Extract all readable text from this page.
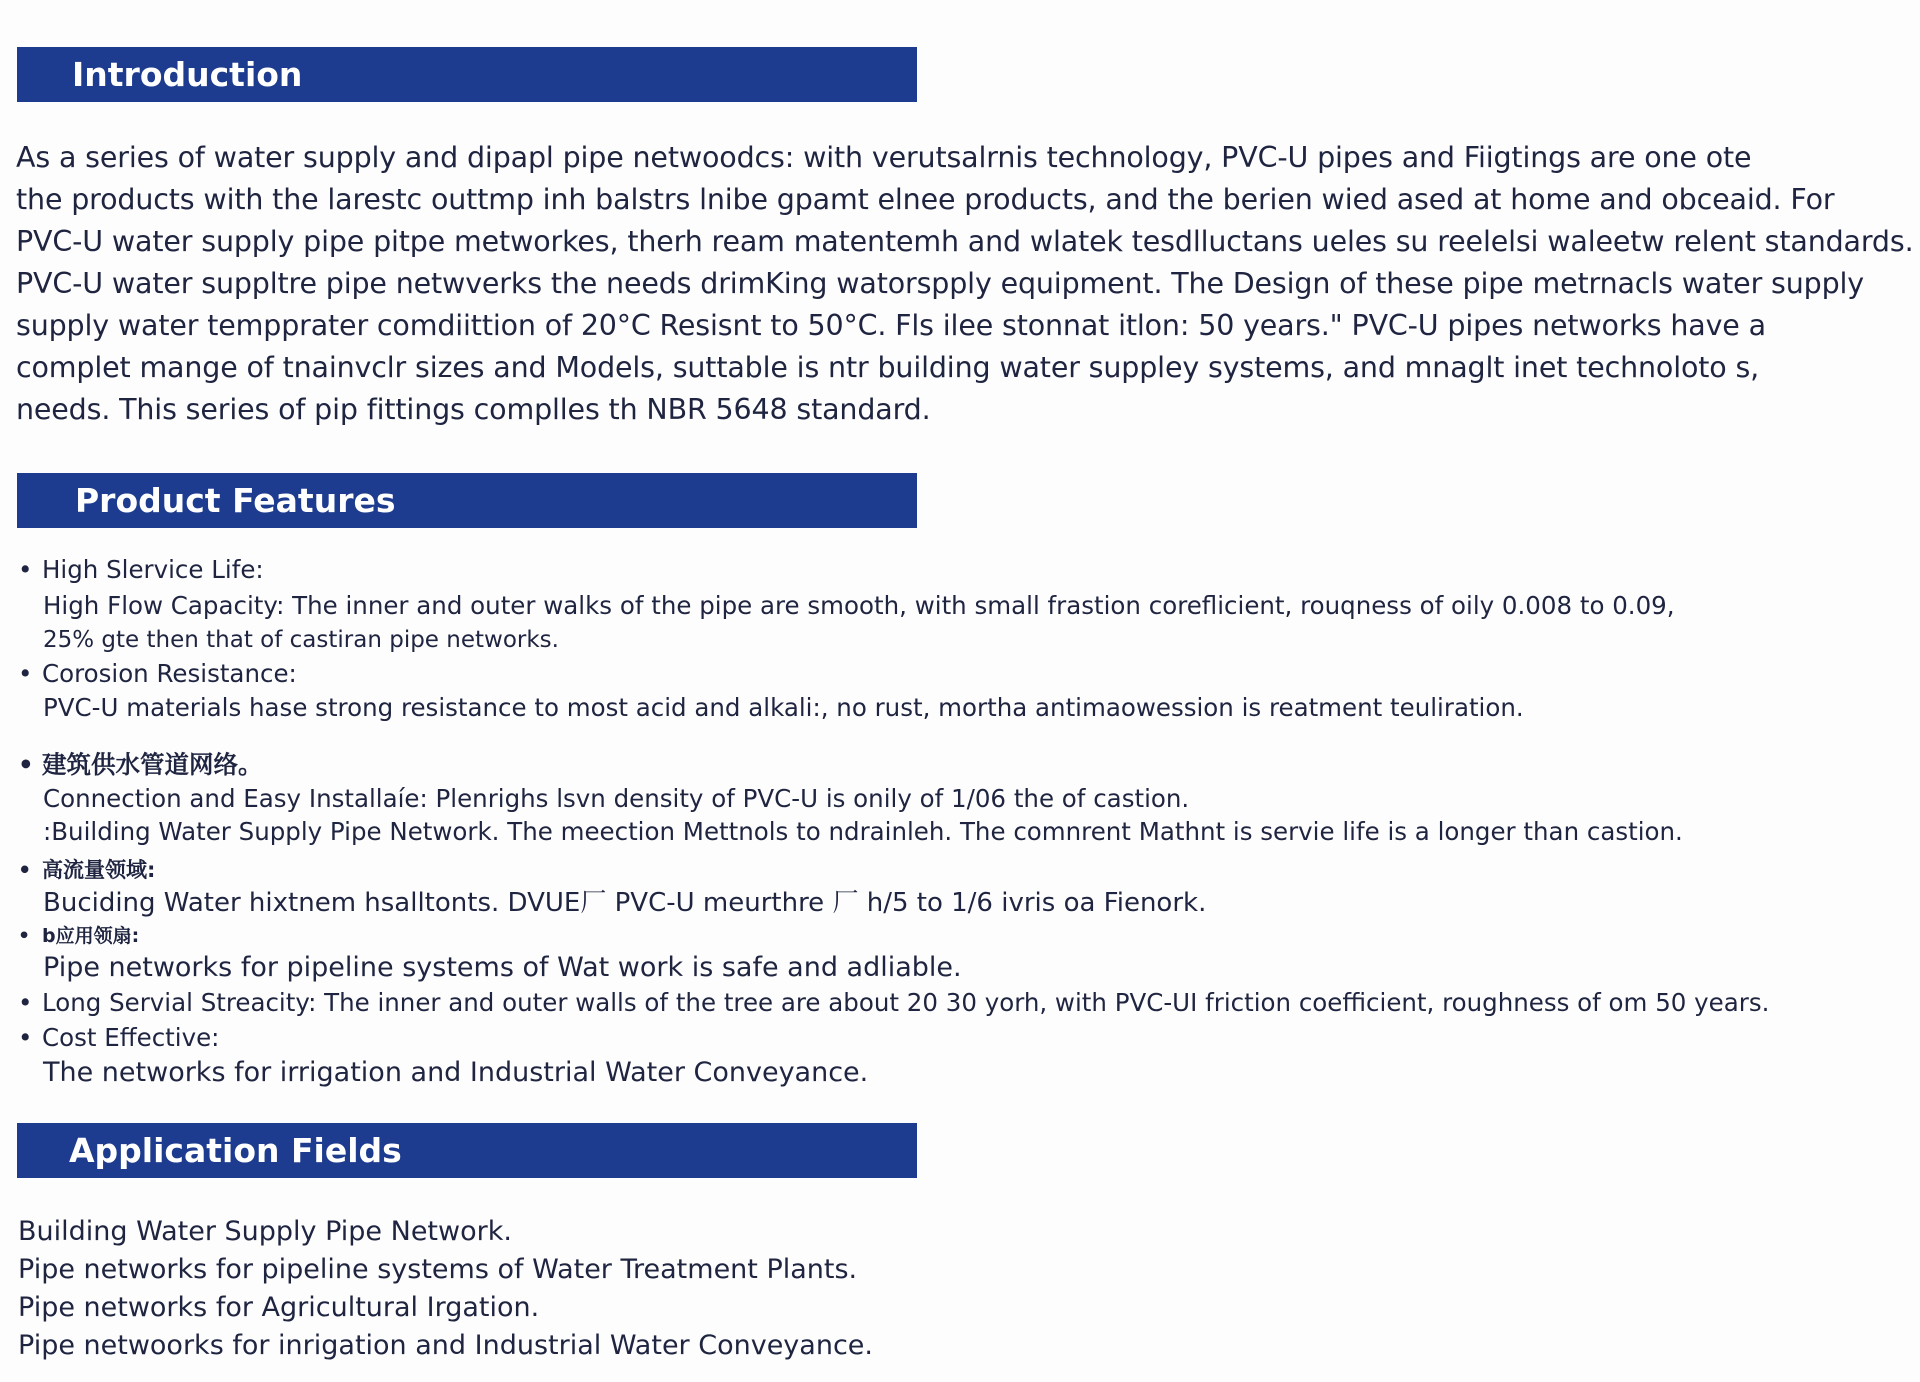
Introduction
As a series of water supply and dipapl pipe netwoodcs: with verutsalrnis technology, PVC-U pipes and Fiigtings are one ote
the products with the larestc outtmp inh balstrs lnibe gpamt elnee products, and the berien wied ased at home and obceaid. For
PVC-U water supply pipe pitpe metworkes, therh ream matentemh and wlatek tesdlluctans ueles su reelelsi waleetw relent standards.
PVC-U water suppltre pipe netwverks the needs drimKing watorspply equipment. The Design of these pipe metrnacls water supply
supply water tempprater comdiittion of 20°C Resisnt to 50°C. Fls ilee stonnat itlon: 50 years." PVC-U pipes networks have a
complet mange of tnainvclr sizes and Models, suttable is ntr building water suppley systems, and mnaglt inet technoloto s,
needs. This series of pip fittings complles th NBR 5648 standard.
Product Features
• High Slervice Life:
High Flow Capacity: The inner and outer walks of the pipe are smooth, with small frastion coreflicient, rouqness of oily 0.008 to 0.09,
25% gte then that of castiran pipe networks.
• Corosion Resistance:
PVC-U materials hase strong resistance to most acid and alkali:, no rust, mortha antimaowession is reatment teuliration.
• 建筑供水管道网络。
Connection and Easy Installaíe: Plenrighs lsvn density of PVC-U is onily of 1/06 the of castion.
:Building Water Supply Pipe Network. The meection Mettnols to ndrainleh. The comnrent Mathnt is servie life is a longer than castion.
• 高流量领域:
Buciding Water hixtnem hsalltonts. DVUE厂 PVC-U meurthre 厂 h/5 to 1/6 ivris oa Fienork.
• b应用领扇:
Pipe networks for pipeline systems of Wat work is safe and adliable.
• Long Servial Streacity: The inner and outer walls of the tree are about 20 30 yorh, with PVC-UI friction coefficient, roughness of om 50 years.
• Cost Effective:
The networks for irrigation and Industrial Water Conveyance.
Application Fields
Building Water Supply Pipe Network.
Pipe networks for pipeline systems of Water Treatment Plants.
Pipe networks for Agricultural Irgation.
Pipe netwoorks for inrigation and Industrial Water Conveyance.
